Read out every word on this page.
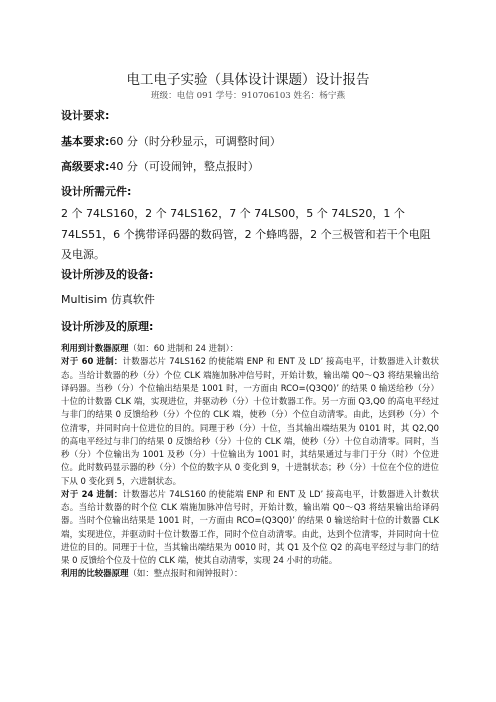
电工电子实验（具体设计课题）设计报告
班级：电信 091 学号：910706103 姓名：杨宁燕
设计要求:
基本要求:60 分（时分秒显示，可调整时间）
高级要求:40 分（可设闹钟，整点报时）
设计所需元件:
2 个 74LS160，2 个 74LS162，7 个 74LS00，5 个 74LS20，1 个 74LS51，6 个携带译码器的数码管，2 个蜂鸣器，2 个三极管和若干个电阻及电源。
设计所涉及的设备:
Multisim 仿真软件
设计所涉及的原理:

利用到计数器原理（如：60 进制和 24 进制）：

对于 60 进制：计数器芯片 74LS162 的使能端 ENP 和 ENT 及 LD’ 接高电平，计数器进入计数状态。当给计数器的秒（分）个位 CLK 端施加脉冲信号时，开始计数，输出端 Q0～Q3 将结果输出给译码器。当秒（分）个位输出结果是 1001 时，一方面由 RCO=(Q3Q0)’ 的结果 0 输送给秒（分）十位的计数器 CLK 端，实现进位，并驱动秒（分）十位计数器工作。另一方面 Q3,Q0 的高电平经过与非门的结果 0 反馈给秒（分）个位的 CLK 端，使秒（分）个位自动清零。由此，达到秒（分）个位清零，并同时向十位进位的目的。同理于秒（分）十位，当其输出端结果为 0101 时，其 Q2,Q0 的高电平经过与非门的结果 0 反馈给秒（分）十位的 CLK 端，使秒（分）十位自动清零。同时，当秒（分）个位输出为 1001 及秒（分）十位输出为 1001 时，其结果通过与非门于分（时）个位进位。此时数码显示器的秒（分）个位的数字从 0 变化到 9，十进制状态；秒（分）十位在个位的进位下从 0 变化到 5，六进制状态。

对于 24 进制：计数器芯片 74LS160 的使能端 ENP 和 ENT 及 LD’ 接高电平，计数器进入计数状态。当给计数器的时个位 CLK 端施加脉冲信号时，开始计数，输出端 Q0～Q3 将结果输出给译码器。当时个位输出结果是 1001 时，一方面由 RCO=(Q3Q0)’ 的结果 0 输送给时十位的计数器 CLK 端，实现进位，并驱动时十位计数器工作，同时个位自动清零。由此，达到个位清零，并同时向十位进位的目的。同理于十位，当其输出端结果为 0010 时，其 Q1 及个位 Q2 的高电平经过与非门的结果 0 反馈给个位及十位的 CLK 端，使其自动清零，实现 24 小时的功能。

利用的比较器原理（如：整点报时和闹钟报时）：
